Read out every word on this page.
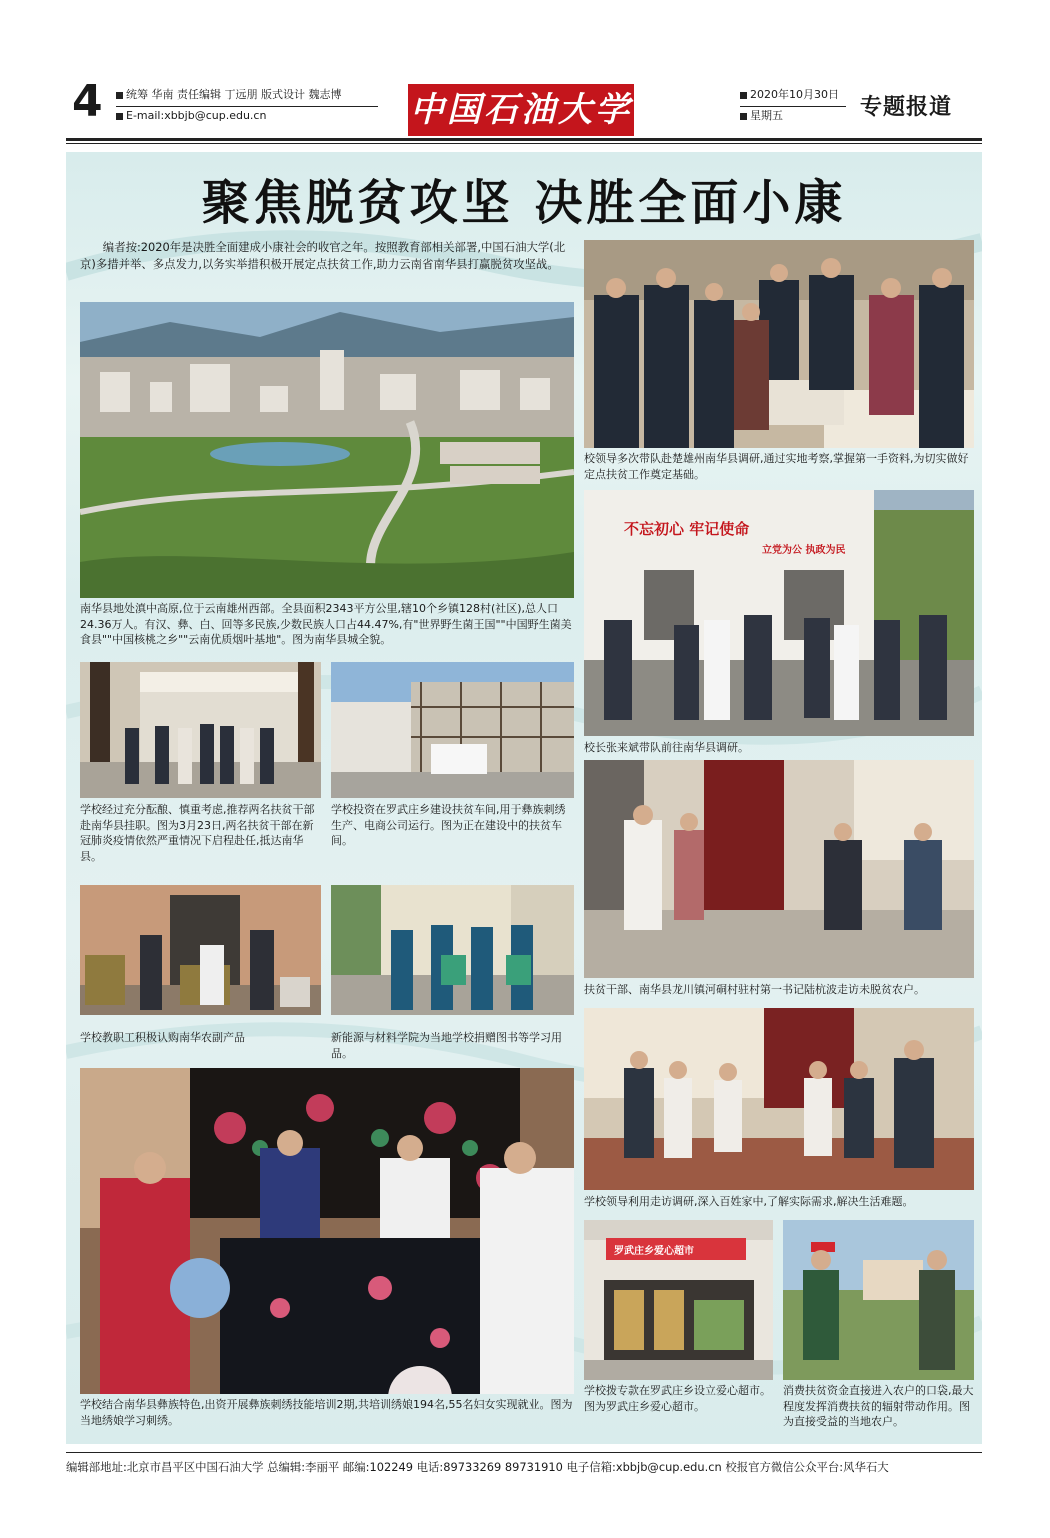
4	统筹 华南 责任编辑 丁远朋 版式设计 魏志博
E-mail:xbbjb@cup.edu.cn	中国石油大学	2020年10月30日
星期五	专题报道
聚焦脱贫攻坚 决胜全面小康
编者按:2020年是决胜全面建成小康社会的收官之年。按照教育部相关部署,中国石油大学(北京)多措并举、多点发力,以务实举措积极开展定点扶贫工作,助力云南省南华县打赢脱贫攻坚战。
南华县地处滇中高原,位于云南雄州西部。全县面积2343平方公里,辖10个乡镇128村(社区),总人口24.36万人。有汉、彝、白、回等多民族,少数民族人口占44.47%,有"世界野生菌王国""中国野生菌美食县""中国核桃之乡""云南优质烟叶基地"。图为南华县城全貌。
校领导多次带队赴楚雄州南华县调研,通过实地考察,掌握第一手资料,为切实做好定点扶贫工作奠定基础。
不忘初心 牢记使命
立党为公 执政为民
校长张来斌带队前往南华县调研。
学校经过充分酝酿、慎重考虑,推荐两名扶贫干部赴南华县挂职。图为3月23日,两名扶贫干部在新冠肺炎疫情依然严重情况下启程赴任,抵达南华县。
学校投资在罗武庄乡建设扶贫车间,用于彝族刺绣生产、电商公司运行。图为正在建设中的扶贫车间。
扶贫干部、南华县龙川镇河硐村驻村第一书记陆杭波走访未脱贫农户。
学校教职工积极认购南华农副产品	新能源与材料学院为当地学校捐赠图书等学习用品。
学校领导利用走访调研,深入百姓家中,了解实际需求,解决生活难题。
学校结合南华县彝族特色,出资开展彝族刺绣技能培训2期,共培训绣娘194名,55名妇女实现就业。图为当地绣娘学习刺绣。
罗武庄乡爱心超市
学校拨专款在罗武庄乡设立爱心超市。图为罗武庄乡爱心超市。
消费扶贫资金直接进入农户的口袋,最大程度发挥消费扶贫的辐射带动作用。图为直接受益的当地农户。
编辑部地址:北京市昌平区中国石油大学 总编辑:李丽平 邮编:102249 电话:89733269 89731910 电子信箱:xbbjb@cup.edu.cn 校报官方微信公众平台:风华石大
